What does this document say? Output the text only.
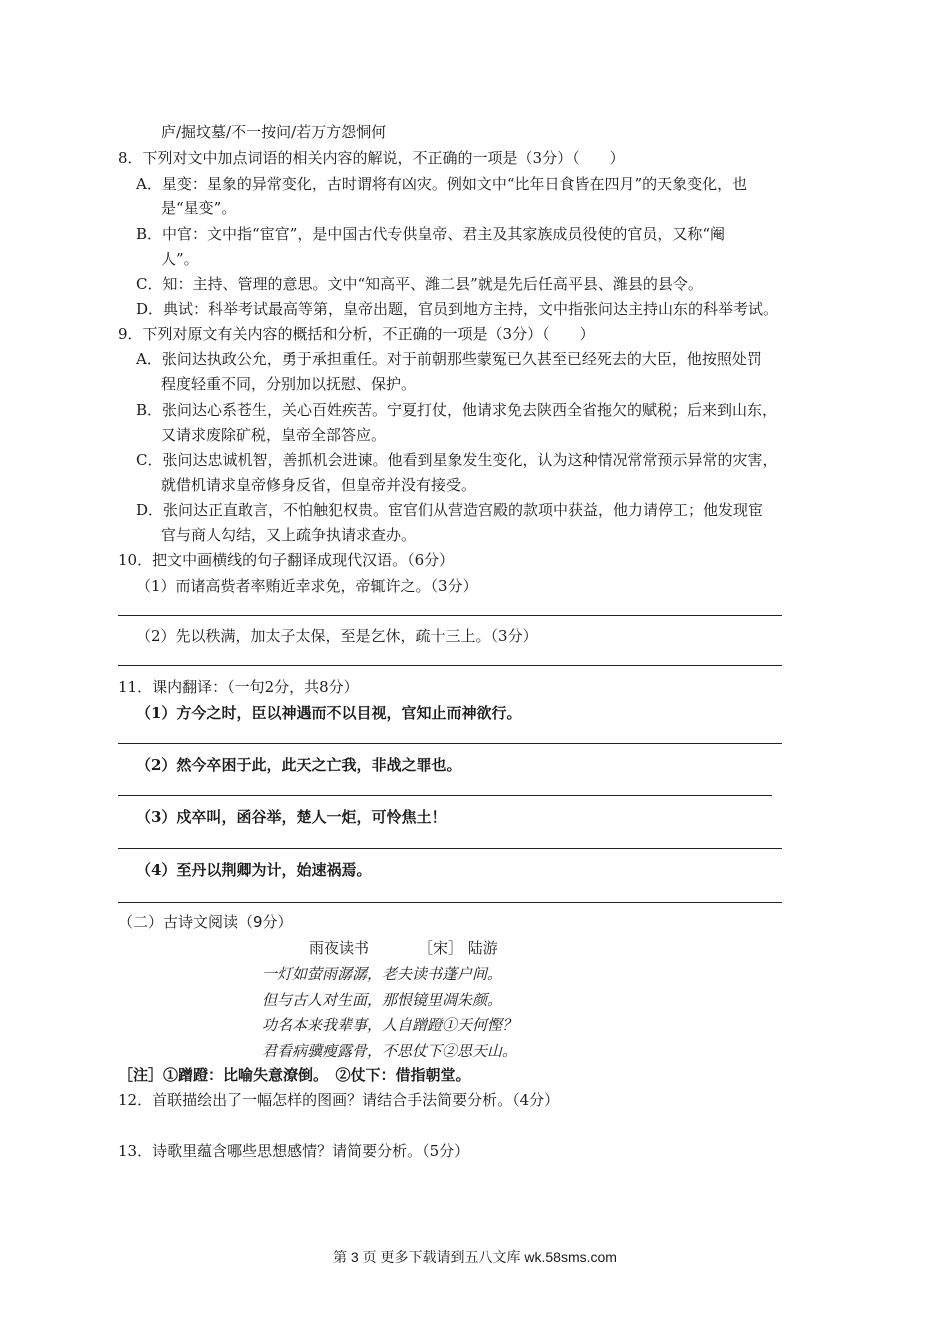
庐/掘坟墓/不一按问/若万方怨恫何
8．下列对文中加点词语的相关内容的解说，不正确的一项是（3分）（　　）
A．星变：星象的异常变化，古时谓将有凶灾。例如文中“比年日食皆在四月”的天象变化，也
是“星变”。
B．中官：文中指“宦官”，是中国古代专供皇帝、君主及其家族成员役使的官员，又称“阉
人”。
C．知：主持、管理的意思。文中“知高平、潍二县”就是先后任高平县、潍县的县令。
D．典试：科举考试最高等第，皇帝出题，官员到地方主持，文中指张问达主持山东的科举考试。
9．下列对原文有关内容的概括和分析，不正确的一项是（3分）（　　）
A．张问达执政公允，勇于承担重任。对于前朝那些蒙冤已久甚至已经死去的大臣，他按照处罚
程度轻重不同，分别加以抚慰、保护。
B．张问达心系苍生，关心百姓疾苦。宁夏打仗，他请求免去陕西全省拖欠的赋税；后来到山东，
又请求废除矿税，皇帝全部答应。
C．张问达忠诚机智，善抓机会进谏。他看到星象发生变化，认为这种情况常常预示异常的灾害，
就借机请求皇帝修身反省，但皇帝并没有接受。
D．张问达正直敢言，不怕触犯权贵。宦官们从营造宫殿的款项中获益，他力请停工；他发现宦
官与商人勾结，又上疏争执请求查办。
10．把文中画横线的句子翻译成现代汉语。（6分）
（1）而诸高赀者率贿近幸求免，帝辄许之。（3分）
（2）先以秩满，加太子太保，至是乞休，疏十三上。（3分）
11．课内翻译：（一句2分，共8分）
（1）方今之时，臣以神遇而不以目视，官知止而神欲行。
（2）然今卒困于此，此天之亡我，非战之罪也。
（3）戍卒叫，函谷举，楚人一炬，可怜焦土！
（4）至丹以荆卿为计，始速祸焉。
（二）古诗文阅读（9分）
雨夜读书	［宋］ 陆游
一灯如萤雨潺潺，老夫读书蓬户间。
但与古人对生面，那恨镜里凋朱颜。
功名本来我辈事，人自蹭蹬①天何慳？
君看病骥瘦露骨，不思仗下②思天山。
［注］①蹭蹬：比喻失意潦倒。　②仗下：借指朝堂。
12．首联描绘出了一幅怎样的图画？请结合手法简要分析。（4分）
13．诗歌里蕴含哪些思想感情？请简要分析。（5分）
第 3 页 更多下载请到五八文库 wk.58sms.com
